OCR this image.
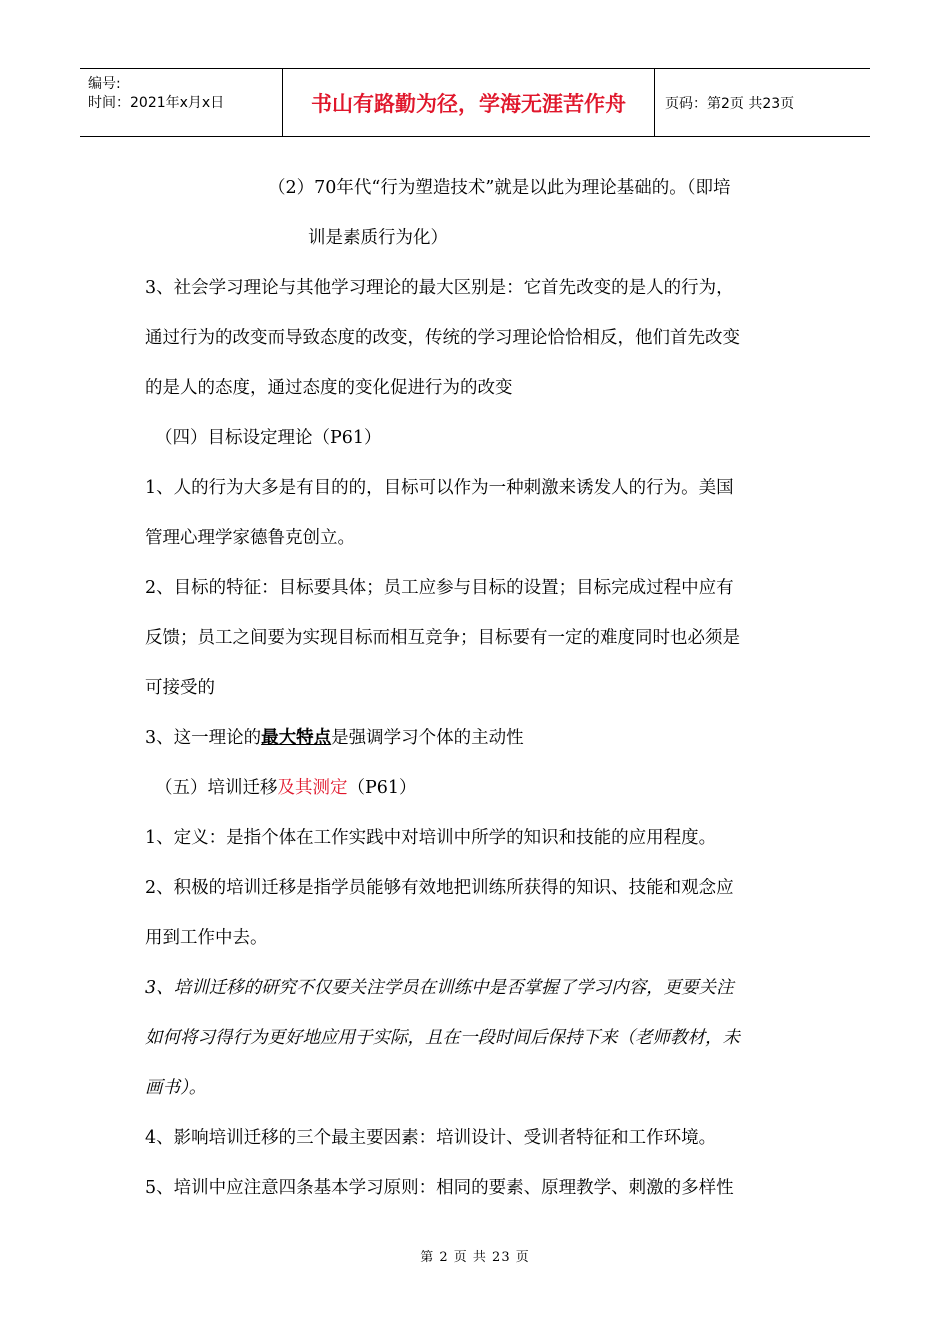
编号:
时间：2021年x月x日	书山有路勤为径，学海无涯苦作舟	页码：第2页 共23页
（2）70年代“行为塑造技术”就是以此为理论基础的。（即培
训是素质行为化）
3、社会学习理论与其他学习理论的最大区别是：它首先改变的是人的行为，
通过行为的改变而导致态度的改变，传统的学习理论恰恰相反，他们首先改变
的是人的态度，通过态度的变化促进行为的改变
（四）目标设定理论（P61）
1、人的行为大多是有目的的，目标可以作为一种刺激来诱发人的行为。美国
管理心理学家德鲁克创立。
2、目标的特征：目标要具体；员工应参与目标的设置；目标完成过程中应有
反馈；员工之间要为实现目标而相互竞争；目标要有一定的难度同时也必须是
可接受的
3、这一理论的最大特点是强调学习个体的主动性
（五）培训迁移及其测定（P61）
1、定义：是指个体在工作实践中对培训中所学的知识和技能的应用程度。
2、积极的培训迁移是指学员能够有效地把训练所获得的知识、技能和观念应
用到工作中去。
3、培训迁移的研究不仅要关注学员在训练中是否掌握了学习内容，更要关注
如何将习得行为更好地应用于实际，且在一段时间后保持下来（老师教材，未
画书）。
4、影响培训迁移的三个最主要因素：培训设计、受训者特征和工作环境。
5、培训中应注意四条基本学习原则：相同的要素、原理教学、刺激的多样性
第 2 页 共 23 页
